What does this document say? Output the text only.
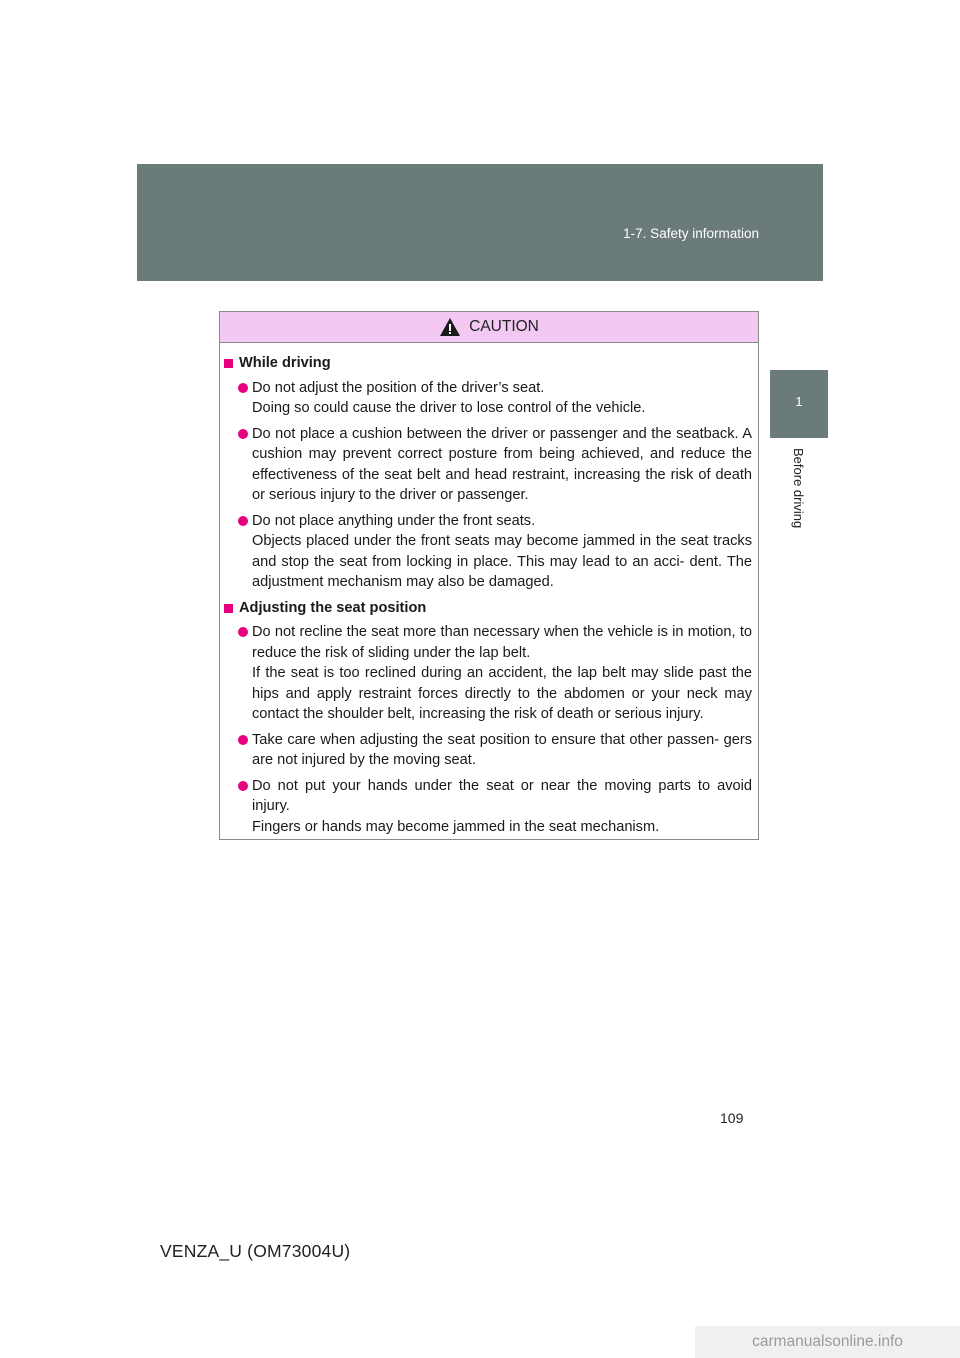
1-7. Safety information
1
Before driving
CAUTION
While driving

Do not adjust the position of the driver’s seat.

Doing so could cause the driver to lose control of the vehicle.

Do not place a cushion between the driver or passenger and the seatback. A cushion may prevent correct posture from being achieved, and reduce the effectiveness of the seat belt and head restraint, increasing the risk of death or serious injury to the driver or passenger.

Do not place anything under the front seats.

Objects placed under the front seats may become jammed in the seat tracks and stop the seat from locking in place. This may lead to an acci- dent. The adjustment mechanism may also be damaged.

Adjusting the seat position

Do not recline the seat more than necessary when the vehicle is in motion, to reduce the risk of sliding under the lap belt.

If the seat is too reclined during an accident, the lap belt may slide past the hips and apply restraint forces directly to the abdomen or your neck may contact the shoulder belt, increasing the risk of death or serious injury.

Take care when adjusting the seat position to ensure that other passen- gers are not injured by the moving seat.

Do not put your hands under the seat or near the moving parts to avoid injury.

Fingers or hands may become jammed in the seat mechanism.

109
VENZA_U (OM73004U)
carmanualsonline.info
